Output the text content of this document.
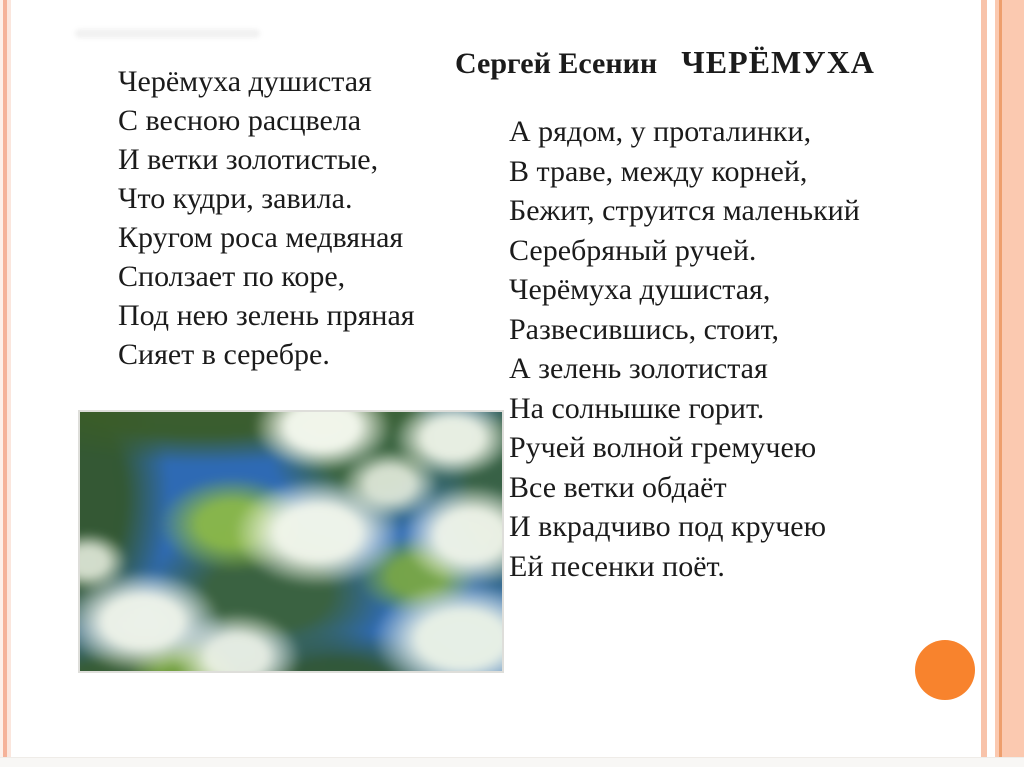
Сергей Есенин ЧЕРЁМУХА
Черёмуха душистая
С весною расцвела
И ветки золотистые,
Что кудри, завила.
Кругом роса медвяная
Сползает по коре,
Под нею зелень пряная
Сияет в серебре.
А рядом, у проталинки,
В траве, между корней,
Бежит, струится маленький
Серебряный ручей.
Черёмуха душистая,
Развесившись, стоит,
А зелень золотистая
На солнышке горит.
Ручей волной гремучею
Все ветки обдаёт
И вкрадчиво под кручею
Ей песенки поёт.
